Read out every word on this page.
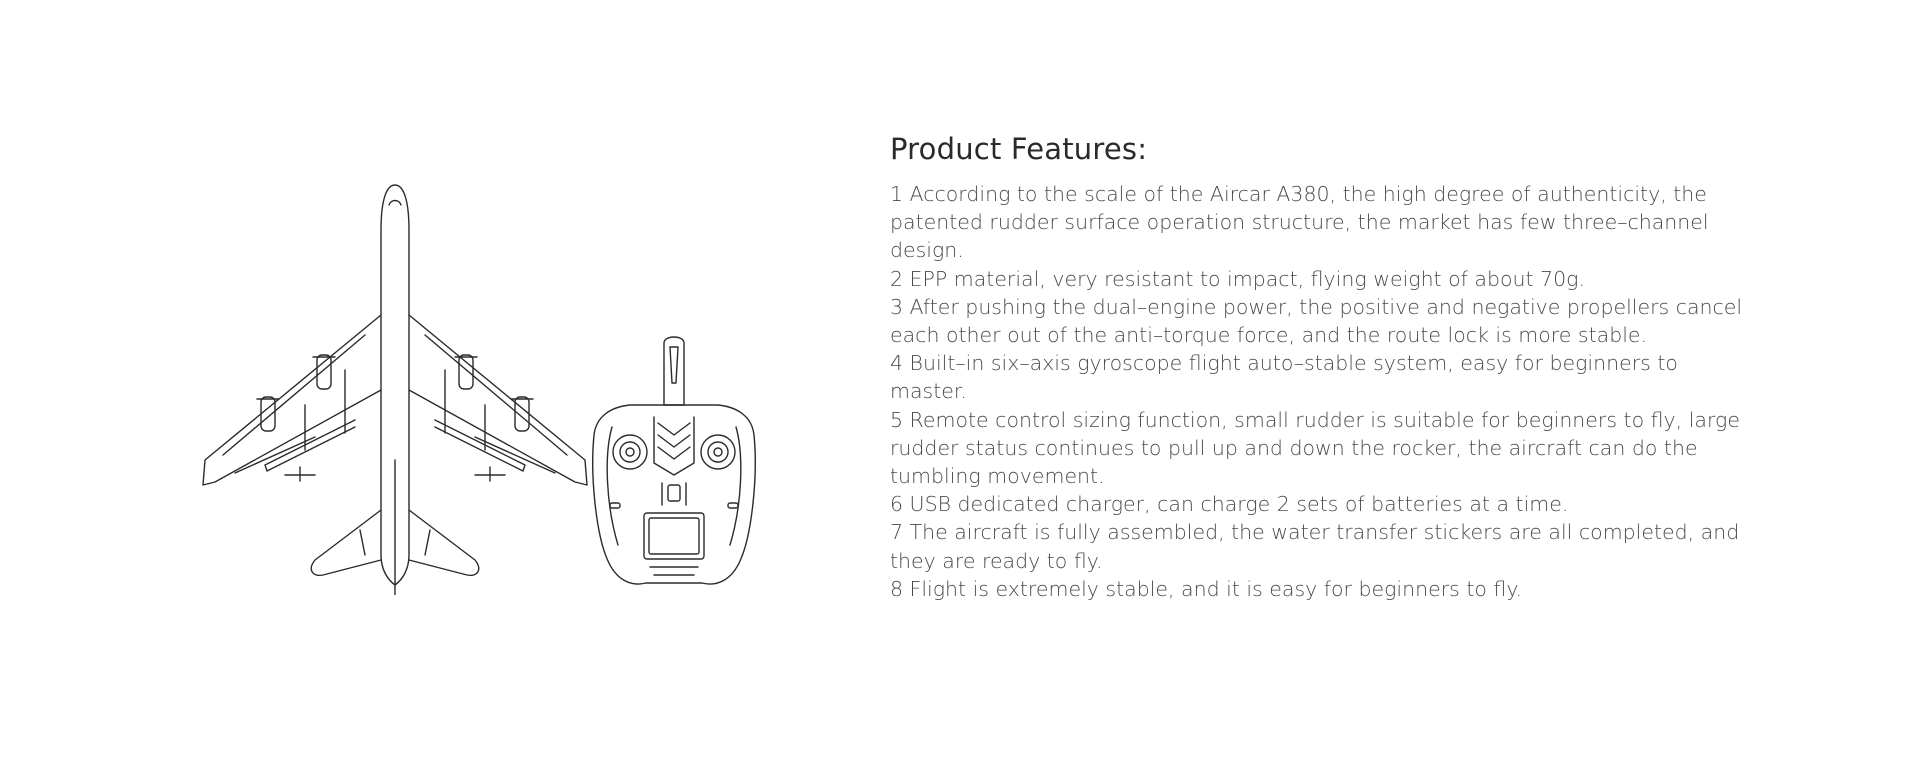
Product Features:

1 According to the scale of the Aircar A380, the high degree of authenticity, the patented rudder surface operation structure, the market has few three–channel design.

2 EPP material, very resistant to impact, flying weight of about 70g.

3 After pushing the dual–engine power, the positive and negative propellers cancel each other out of the anti–torque force, and the route lock is more stable.

4 Built–in six–axis gyroscope flight auto–stable system, easy for beginners to master.

5 Remote control sizing function, small rudder is suitable for beginners to fly, large rudder status continues to pull up and down the rocker, the aircraft can do the tumbling movement.

6 USB dedicated charger, can charge 2 sets of batteries at a time.

7 The aircraft is fully assembled, the water transfer stickers are all completed, and they are ready to fly.

8 Flight is extremely stable, and it is easy for beginners to fly.
